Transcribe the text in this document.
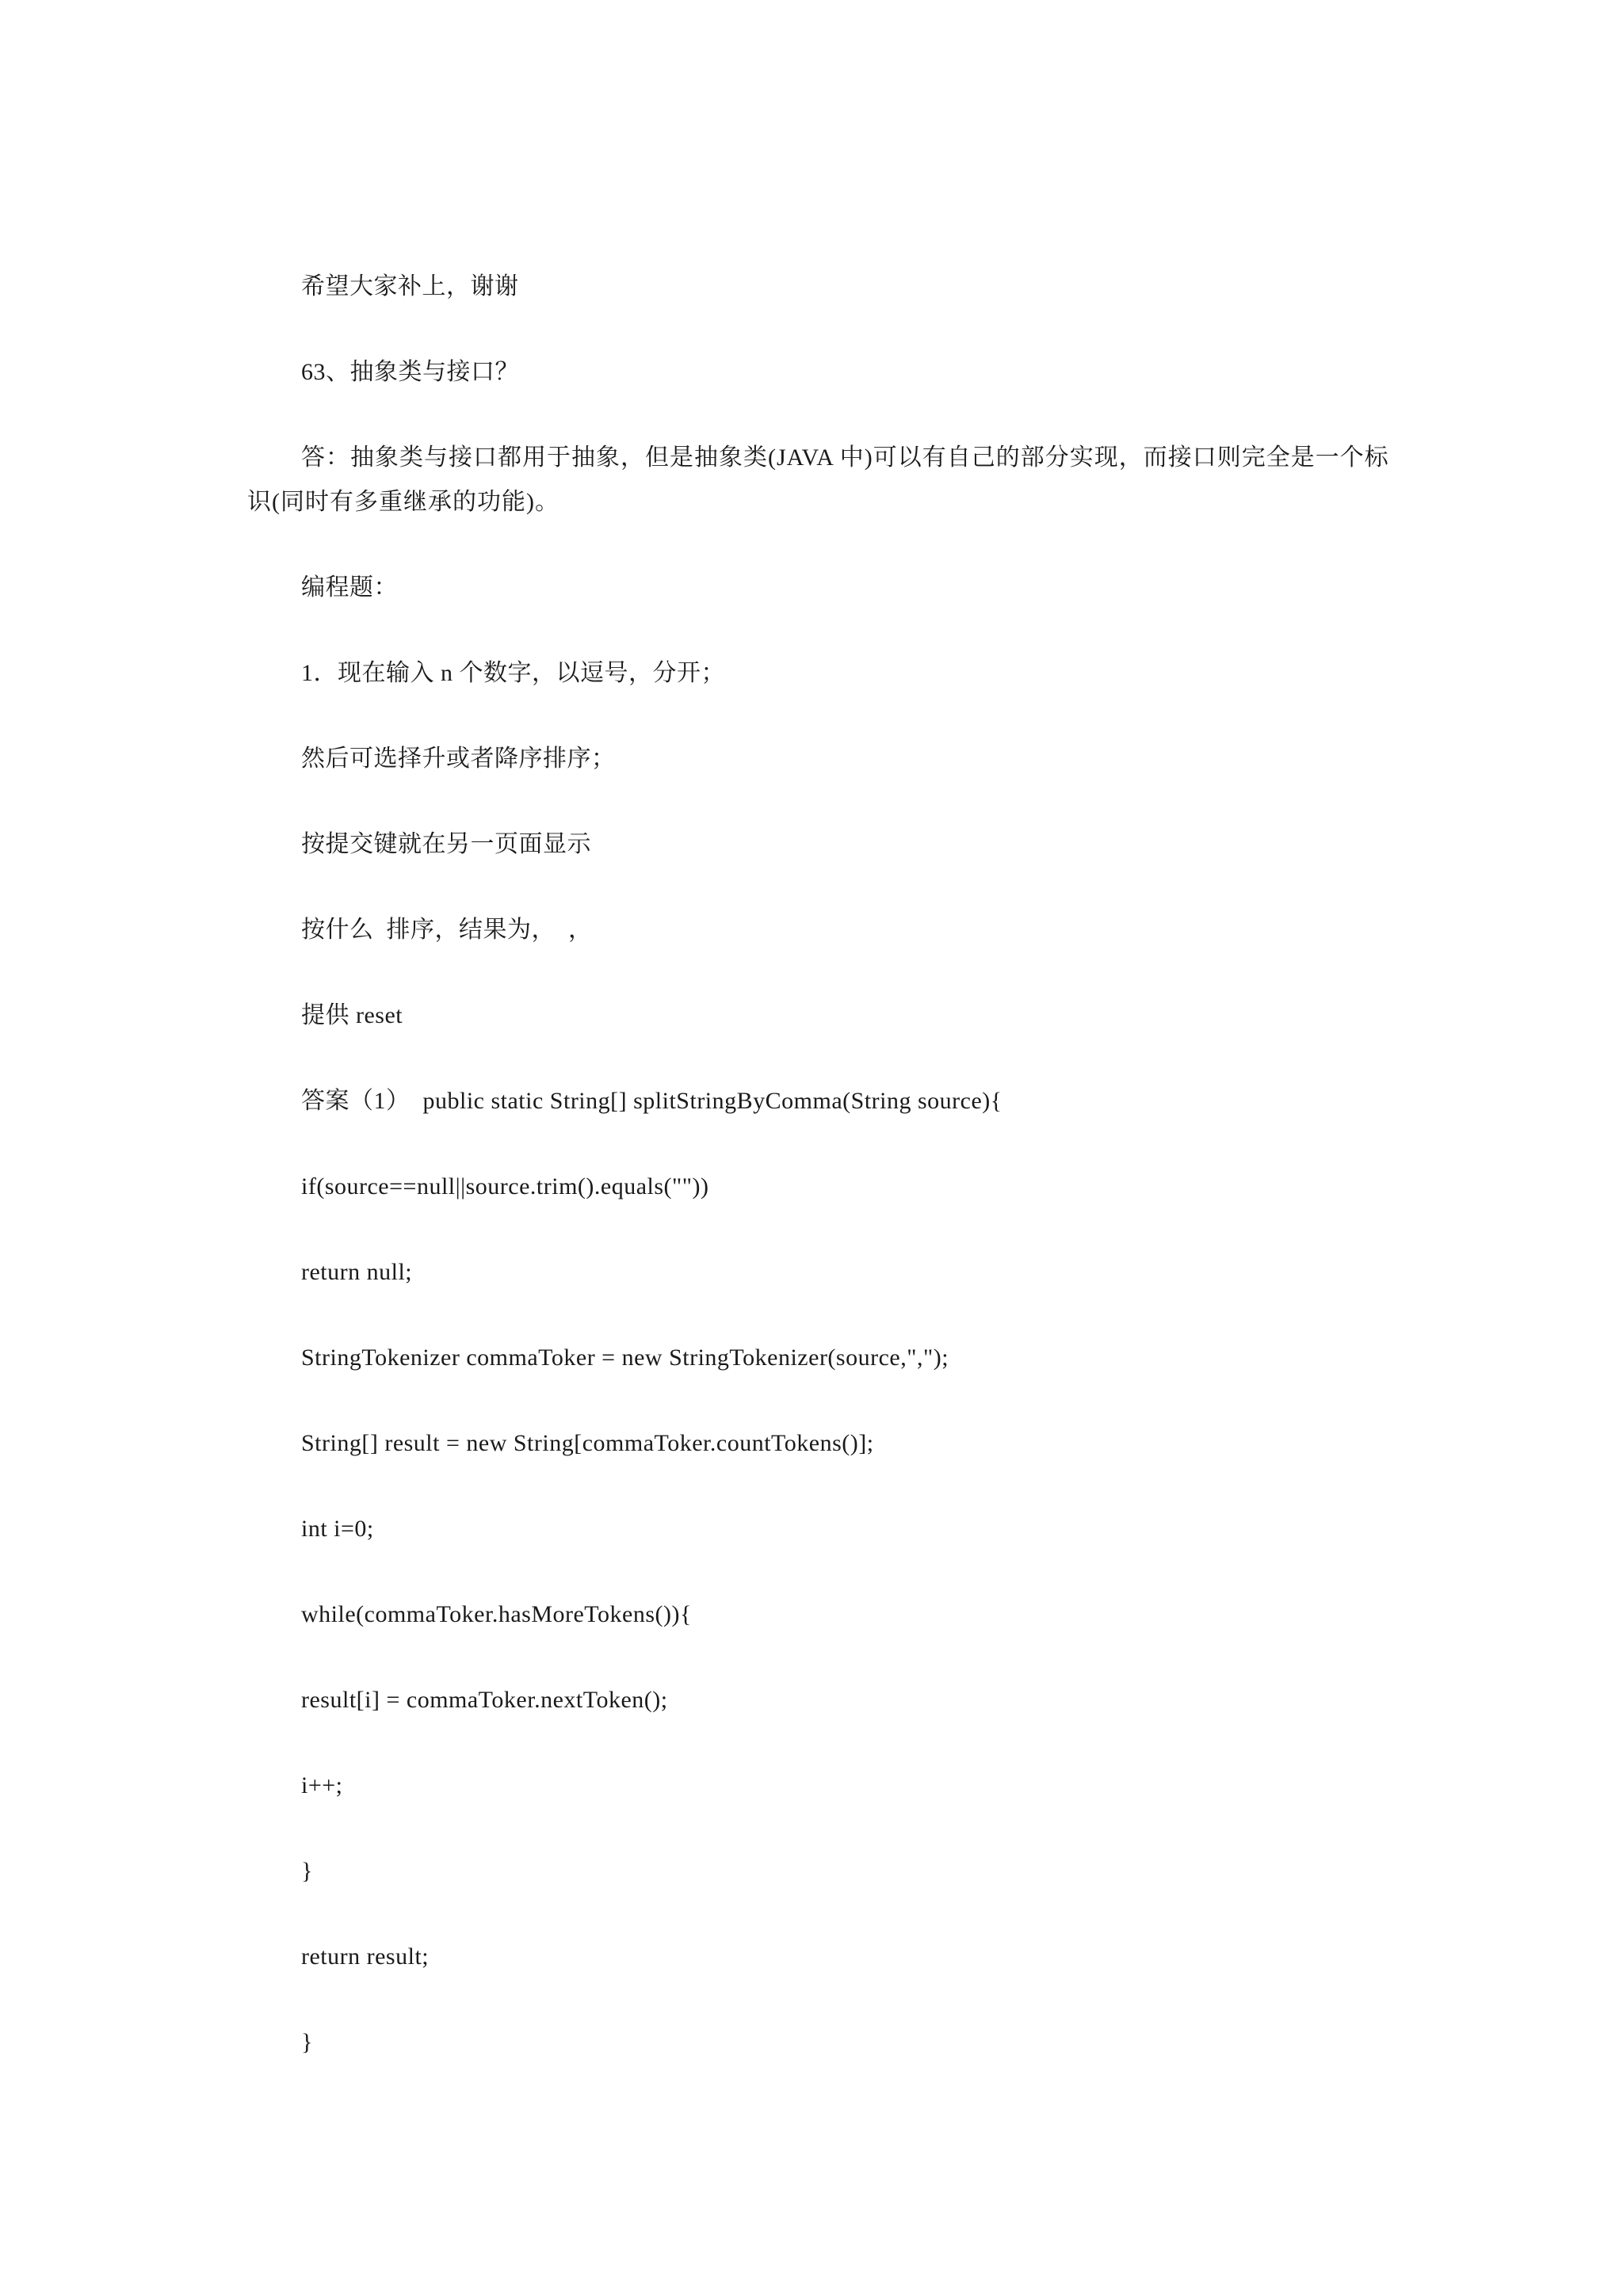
希望大家补上，谢谢
63、抽象类与接口？
答：抽象类与接口都用于抽象，但是抽象类(JAVA 中)可以有自己的部分实现，而接口则完全是一个标识(同时有多重继承的功能)。
编程题：
1．现在输入 n 个数字，以逗号，分开；
然后可选择升或者降序排序；
按提交键就在另一页面显示
按什么  排序，结果为，  ，
提供 reset
答案（1）  public static String[] splitStringByComma(String source){
if(source==null||source.trim().equals(""))
return null;
StringTokenizer commaToker = new StringTokenizer(source,",");
String[] result = new String[commaToker.countTokens()];
int i=0;
while(commaToker.hasMoreTokens()){
result[i] = commaToker.nextToken();
i++;
}
return result;
}
